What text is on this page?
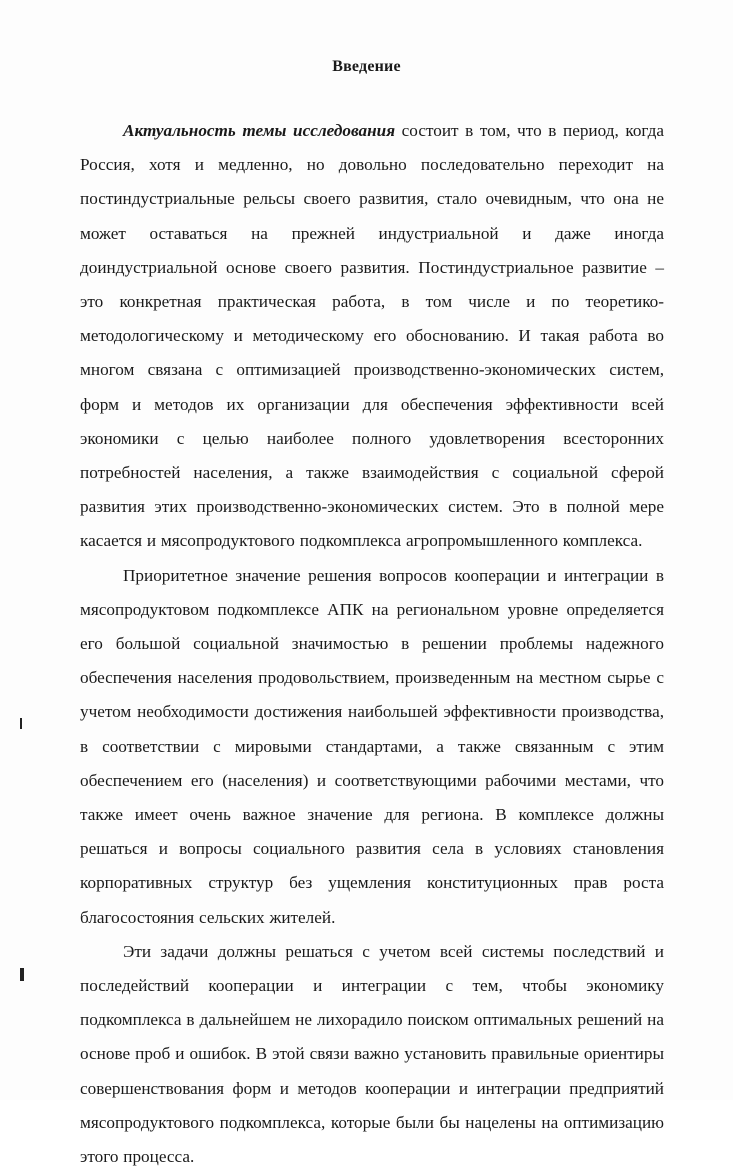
Введение

Актуальность темы исследования состоит в том, что в период, когда Россия, хотя и медленно, но довольно последовательно переходит на постиндустриальные рельсы своего развития, стало очевидным, что она не может оставаться на прежней индустриальной и даже иногда доиндустриальной основе своего развития. Постиндустриальное развитие – это конкретная практическая работа, в том числе и по теоретико-методологическому и методическому его обоснованию. И такая работа во многом связана с оптимизацией производственно-экономических систем, форм и методов их организации для обеспечения эффективности всей экономики с целью наиболее полного удовлетворения всесторонних потребностей населения, а также взаимодействия с социальной сферой развития этих производственно-экономических систем. Это в полной мере касается и мясопродуктового подкомплекса агропромышленного комплекса.

Приоритетное значение решения вопросов кооперации и интеграции в мясопродуктовом подкомплексе АПК на региональном уровне определяется его большой социальной значимостью в решении проблемы надежного обеспечения населения продовольствием, произведенным на местном сырье с учетом необходимости достижения наибольшей эффективности производства, в соответствии с мировыми стандартами, а также связанным с этим обеспечением его (населения) и соответствующими рабочими местами, что также имеет очень важное значение для региона. В комплексе должны решаться и вопросы социального развития села в условиях становления корпоративных структур без ущемления конституционных прав роста благосостояния сельских жителей.

Эти задачи должны решаться с учетом всей системы последствий и последействий кооперации и интеграции с тем, чтобы экономику подкомплекса в дальнейшем не лихорадило поиском оптимальных решений на основе проб и ошибок. В этой связи важно установить правильные ориентиры совершенствования форм и методов кооперации и интеграции предприятий мясопродуктового подкомплекса, которые были бы нацелены на оптимизацию этого процесса.
